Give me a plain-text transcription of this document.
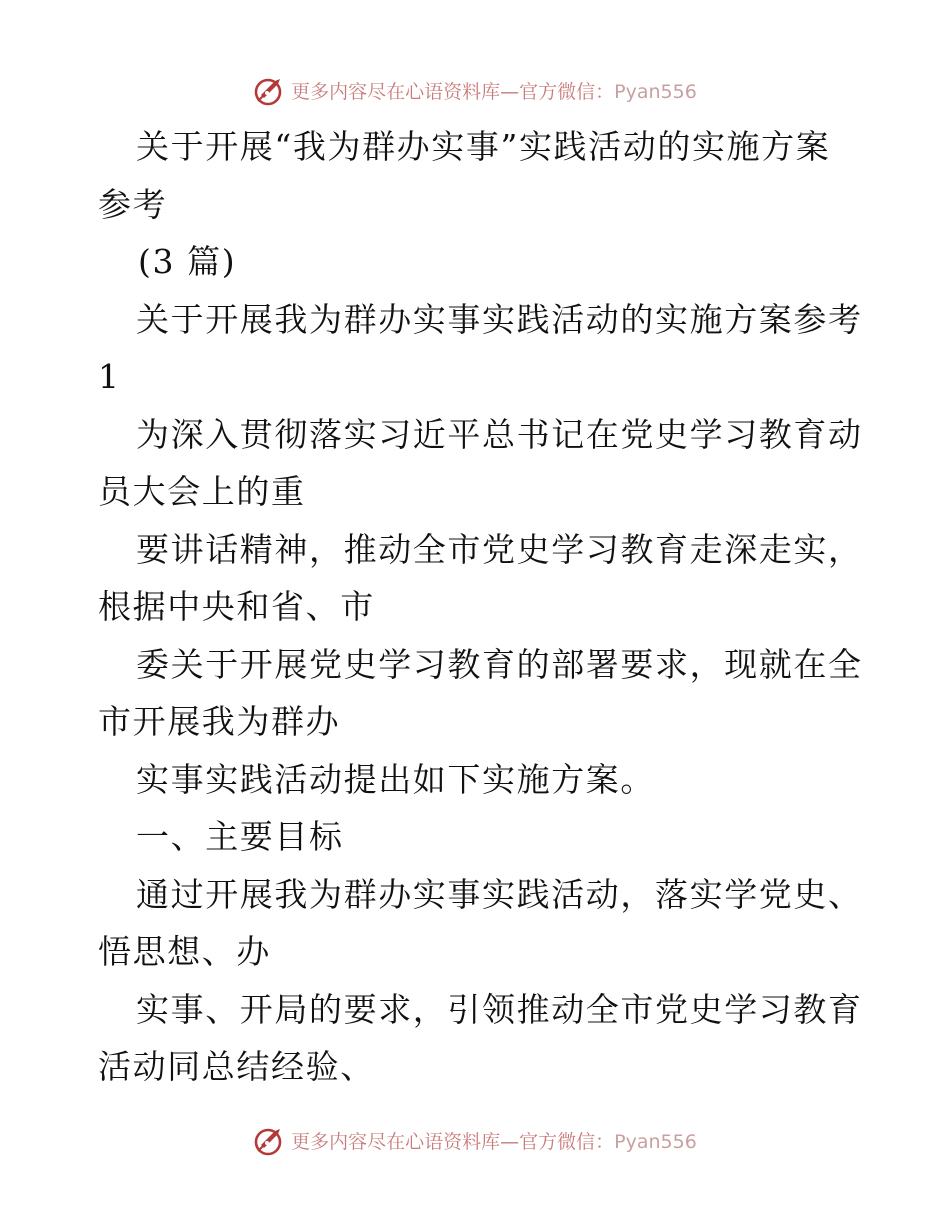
更多内容尽在心语资料库—官方微信：Pyan556
关于开展“我为群办实事”实践活动的实施方案
参考
(3 篇)
关于开展我为群办实事实践活动的实施方案参考
1
为深入贯彻落实习近平总书记在党史学习教育动
员大会上的重
要讲话精神，推动全市党史学习教育走深走实，
根据中央和省、市
委关于开展党史学习教育的部署要求，现就在全
市开展我为群办
实事实践活动提出如下实施方案。
一、主要目标
通过开展我为群办实事实践活动，落实学党史、
悟思想、办
实事、开局的要求，引领推动全市党史学习教育
活动同总结经验、
更多内容尽在心语资料库—官方微信：Pyan556
